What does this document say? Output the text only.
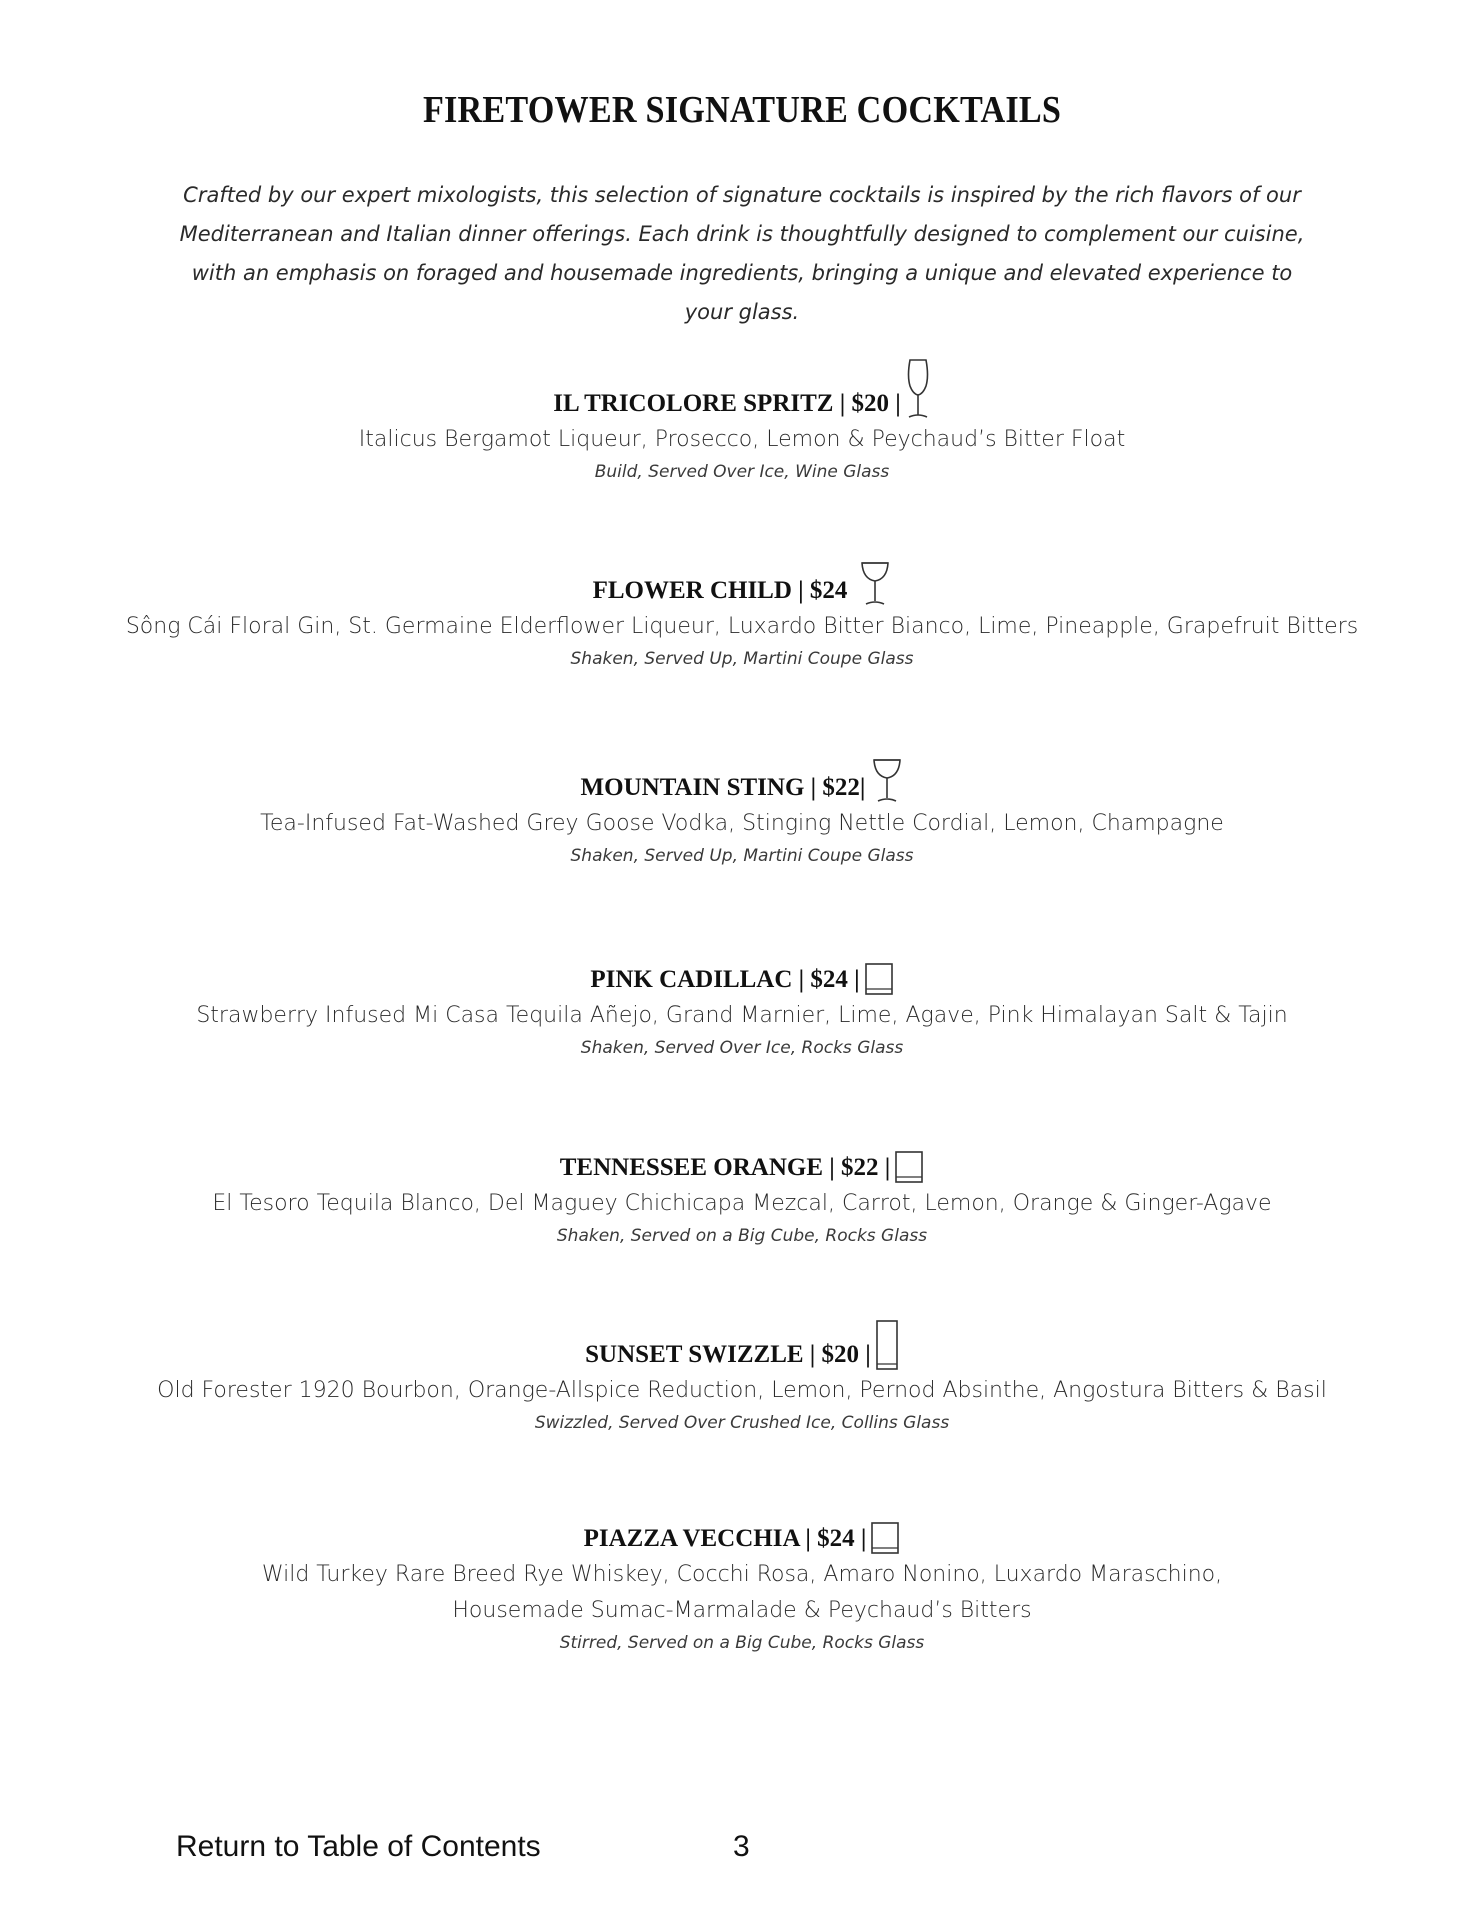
FIRETOWER SIGNATURE COCKTAILS
Crafted by our expert mixologists, this selection of signature cocktails is inspired by the rich flavors of our Mediterranean and Italian dinner offerings. Each drink is thoughtfully designed to complement our cuisine, with an emphasis on foraged and housemade ingredients, bringing a unique and elevated experience to your glass.
IL TRICOLORE SPRITZ | $20 |
Italicus Bergamot Liqueur, Prosecco, Lemon & Peychaud’s Bitter Float
Build, Served Over Ice, Wine Glass
FLOWER CHILD | $24
Sông Cái Floral Gin, St. Germaine Elderflower Liqueur, Luxardo Bitter Bianco, Lime, Pineapple, Grapefruit Bitters
Shaken, Served Up, Martini Coupe Glass
MOUNTAIN STING | $22|
Tea-Infused Fat-Washed Grey Goose Vodka, Stinging Nettle Cordial, Lemon, Champagne
Shaken, Served Up, Martini Coupe Glass
PINK CADILLAC | $24 |
Strawberry Infused Mi Casa Tequila Añejo, Grand Marnier, Lime, Agave, Pink Himalayan Salt & Tajin
Shaken, Served Over Ice, Rocks Glass
TENNESSEE ORANGE | $22 |
El Tesoro Tequila Blanco, Del Maguey Chichicapa Mezcal, Carrot, Lemon, Orange & Ginger-Agave
Shaken, Served on a Big Cube, Rocks Glass
SUNSET SWIZZLE | $20 |
Old Forester 1920 Bourbon, Orange-Allspice Reduction, Lemon, Pernod Absinthe, Angostura Bitters & Basil
Swizzled, Served Over Crushed Ice, Collins Glass
PIAZZA VECCHIA | $24 |
Wild Turkey Rare Breed Rye Whiskey, Cocchi Rosa, Amaro Nonino, Luxardo Maraschino,
Housemade Sumac-Marmalade & Peychaud’s Bitters
Stirred, Served on a Big Cube, Rocks Glass
Return to Table of Contents	3
